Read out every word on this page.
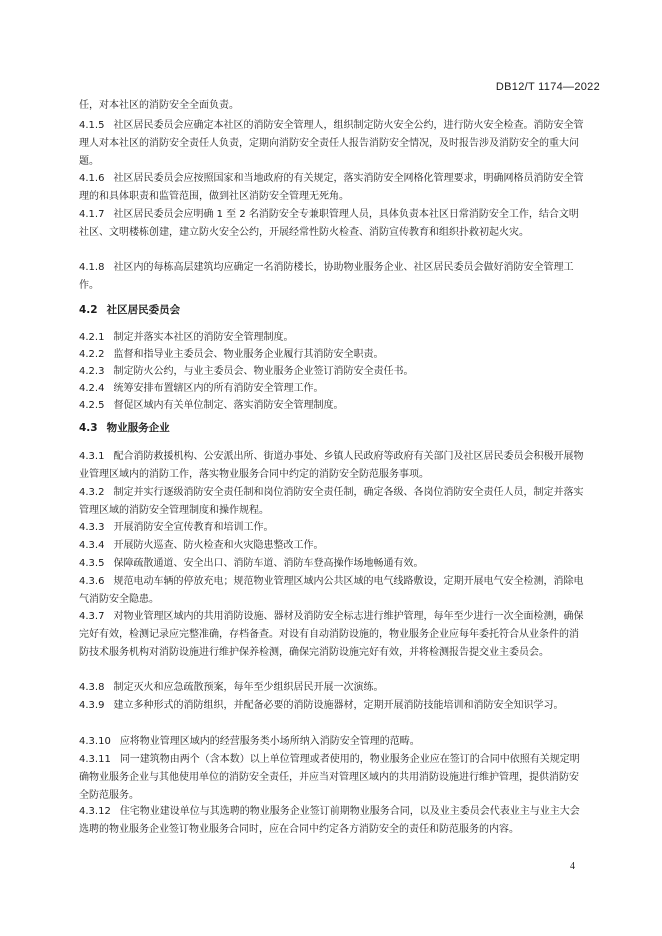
DB12/T 1174—2022
任，对本社区的消防安全全面负责。
4.1.5 社区居民委员会应确定本社区的消防安全管理人，组织制定防火安全公约，进行防火安全检查。消防安全管理人对本社区的消防安全责任人负责，定期向消防安全责任人报告消防安全情况，及时报告涉及消防安全的重大问题。
4.1.6 社区居民委员会应按照国家和当地政府的有关规定，落实消防安全网格化管理要求，明确网格员消防安全管理的和具体职责和监管范围，做到社区消防安全管理无死角。
4.1.7 社区居民委员会应明确 1 至 2 名消防安全专兼职管理人员，具体负责本社区日常消防安全工作，结合文明社区、文明楼栋创建，建立防火安全公约，开展经常性防火检查、消防宣传教育和组织扑救初起火灾。
4.1.8 社区内的每栋高层建筑均应确定一名消防楼长，协助物业服务企业、社区居民委员会做好消防安全管理工作。
4.2 社区居民委员会
4.2.1 制定并落实本社区的消防安全管理制度。
4.2.2 监督和指导业主委员会、物业服务企业履行其消防安全职责。
4.2.3 制定防火公约，与业主委员会、物业服务企业签订消防安全责任书。
4.2.4 统筹安排布置辖区内的所有消防安全管理工作。
4.2.5 督促区域内有关单位制定、落实消防安全管理制度。
4.3 物业服务企业
4.3.1 配合消防救援机构、公安派出所、街道办事处、乡镇人民政府等政府有关部门及社区居民委员会积极开展物业管理区域内的消防工作，落实物业服务合同中约定的消防安全防范服务事项。
4.3.2 制定并实行逐级消防安全责任制和岗位消防安全责任制，确定各级、各岗位消防安全责任人员，制定并落实管理区域的消防安全管理制度和操作规程。
4.3.3 开展消防安全宣传教育和培训工作。
4.3.4 开展防火巡查、防火检查和火灾隐患整改工作。
4.3.5 保障疏散通道、安全出口、消防车道、消防车登高操作场地畅通有效。
4.3.6 规范电动车辆的停放充电；规范物业管理区域内公共区域的电气线路敷设，定期开展电气安全检测，消除电气消防安全隐患。
4.3.7 对物业管理区域内的共用消防设施、器材及消防安全标志进行维护管理，每年至少进行一次全面检测，确保完好有效，检测记录应完整准确，存档备查。对设有自动消防设施的，物业服务企业应每年委托符合从业条件的消防技术服务机构对消防设施进行维护保养检测，确保完消防设施完好有效，并将检测报告提交业主委员会。
4.3.8 制定灭火和应急疏散预案，每年至少组织居民开展一次演练。
4.3.9 建立多种形式的消防组织，并配备必要的消防设施器材，定期开展消防技能培训和消防安全知识学习。
4.3.10 应将物业管理区域内的经营服务类小场所纳入消防安全管理的范畴。
4.3.11 同一建筑物由两个（含本数）以上单位管理或者使用的，物业服务企业应在签订的合同中依照有关规定明确物业服务企业与其他使用单位的消防安全责任，并应当对管理区域内的共用消防设施进行维护管理，提供消防安全防范服务。
4.3.12 住宅物业建设单位与其选聘的物业服务企业签订前期物业服务合同，以及业主委员会代表业主与业主大会选聘的物业服务企业签订物业服务合同时，应在合同中约定各方消防安全的责任和防范服务的内容。
4
